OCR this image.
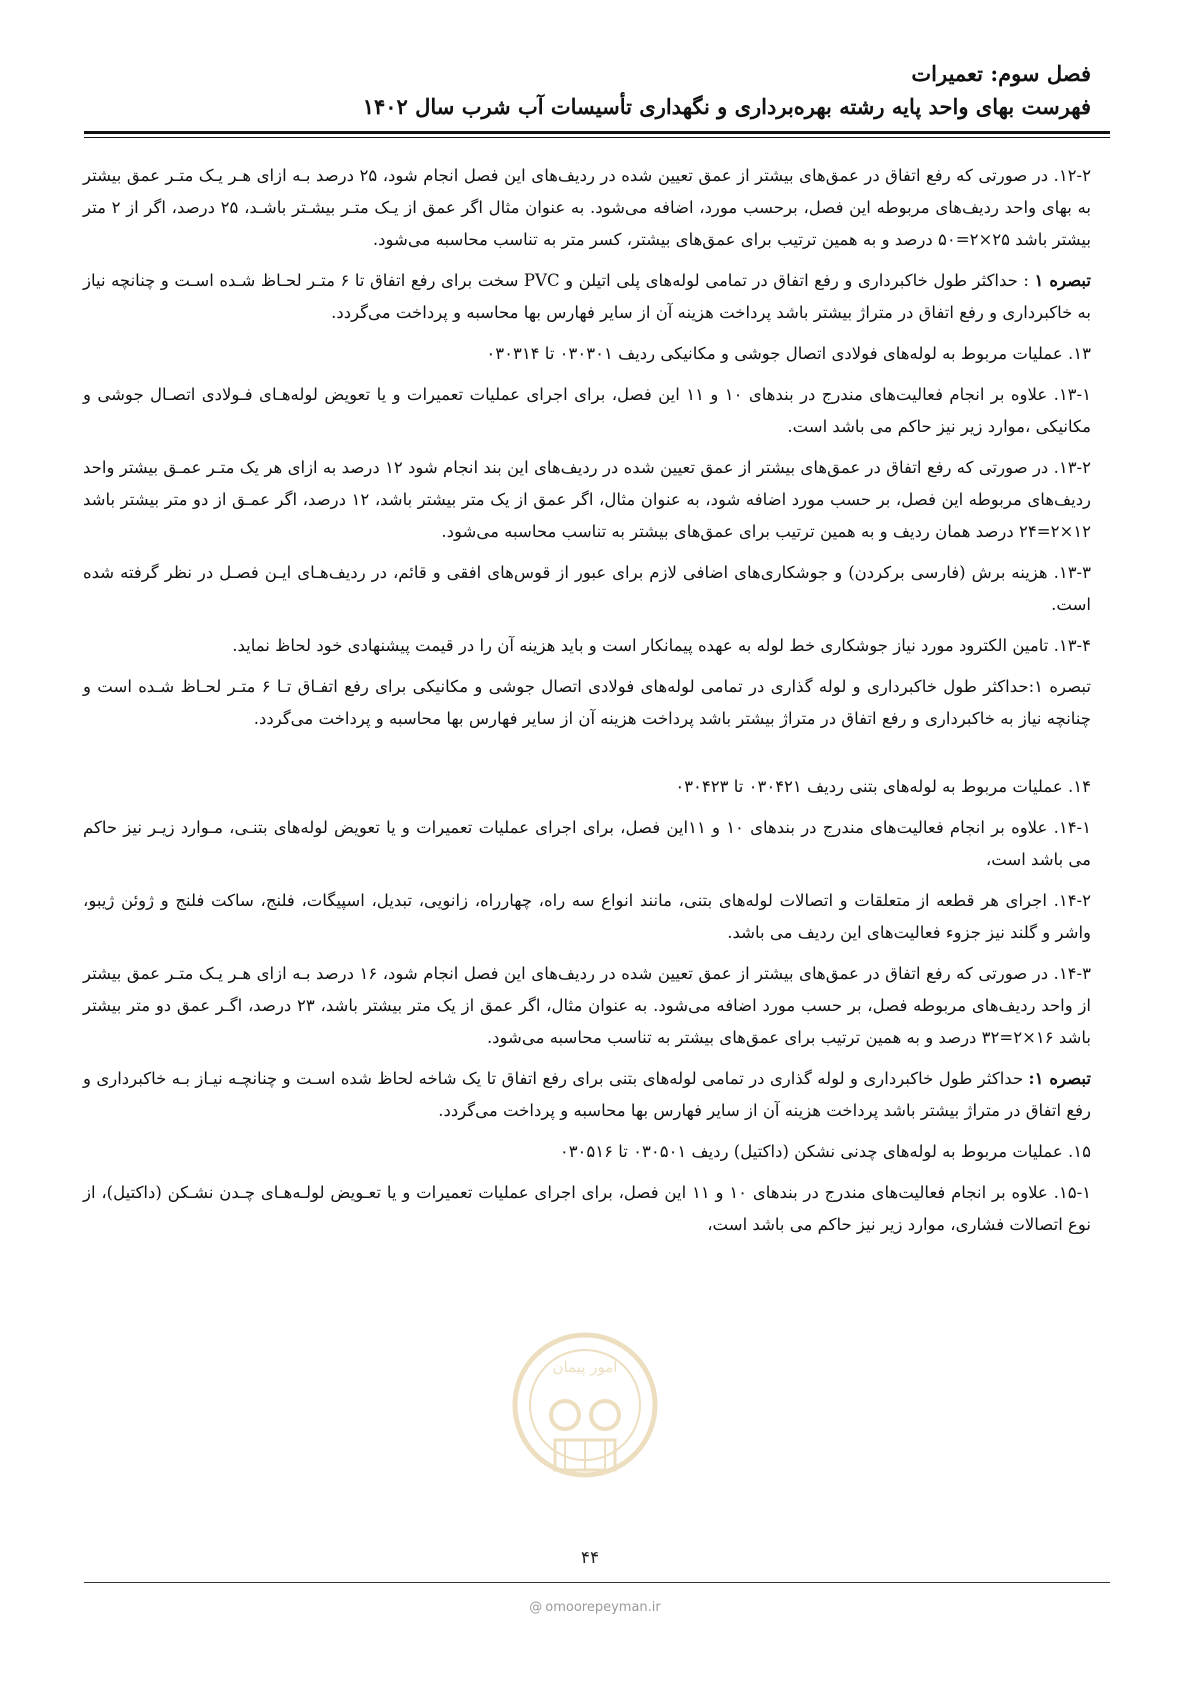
فصل سوم: تعمیرات
فهرست بهای واحد پایه رشته بهره‌برداری و نگهداری تأسیسات آب شرب سال ۱۴۰۲

۱۲-۲. در صورتی که رفع اتفاق در عمق‌های بیشتر از عمق تعیین شده در ردیف‌های این فصل انجام شود، ۲۵ درصد بـه ازای هـر یـک متـر عمق بیشتر به بهای واحد ردیف‌های مربوطه این فصل، برحسب مورد، اضافه می‌شود. به عنوان مثال اگر عمق از یـک متـر بیشـتر باشـد، ۲۵ درصد، اگر از ۲ متر بیشتر باشد ۲۵×۲=۵۰ درصد و به همین ترتیب برای عمق‌های بیشتر، کسر متر به تناسب محاسبه می‌شود.

تبصره ۱ : حداکثر طول خاکبرداری و رفع اتفاق در تمامی لوله‌های پلی اتیلن و PVC سخت برای رفع اتفاق تا ۶ متـر لحـاظ شـده اسـت و چنانچه نیاز به خاکبرداری و رفع اتفاق در متراژ بیشتر باشد پرداخت هزینه آن از سایر فهارس بها محاسبه و پرداخت می‌گردد.

۱۳. عملیات مربوط به لوله‌های فولادی اتصال جوشی و مکانیکی ردیف ۰۳۰۳۰۱ تا ۰۳۰۳۱۴

۱۳-۱. علاوه بر انجام فعالیت‌های مندرج در بندهای ۱۰ و ۱۱ این فصل، برای اجرای عملیات تعمیرات و یا تعویض لوله‌هـای فـولادی اتصـال جوشی و مکانیکی ،موارد زیر نیز حاکم می باشد است.

۱۳-۲. در صورتی که رفع اتفاق در عمق‌های بیشتر از عمق تعیین شده در ردیف‌های این بند انجام شود ۱۲ درصد به ازای هر یک متـر عمـق بیشتر واحد ردیف‌های مربوطه این فصل، بر حسب مورد اضافه شود، به عنوان مثال، اگر عمق از یک متر بیشتر باشد، ۱۲ درصد، اگر عمـق از دو متر بیشتر باشد ۱۲×۲=۲۴ درصد همان ردیف و به همین ترتیب برای عمق‌های بیشتر به تناسب محاسبه می‌شود.

۱۳-۳. هزینه برش (فارسی برکردن) و جوشکاری‌های اضافی لازم برای عبور از قوس‌های افقی و قائم، در ردیف‌هـای ایـن فصـل در نظر گرفته شده است.

۱۳-۴. تامین الکترود مورد نیاز جوشکاری خط لوله به عهده پیمانکار است و باید هزینه آن را در قیمت پیشنهادی خود لحاظ نماید.

تبصره ۱:حداکثر طول خاکبرداری و لوله گذاری در تمامی لوله‌های فولادی اتصال جوشی و مکانیکی برای رفع اتفـاق تـا ۶ متـر لحـاظ شـده است و چنانچه نیاز به خاکبرداری و رفع اتفاق در متراژ بیشتر باشد پرداخت هزینه آن از سایر فهارس بها محاسبه و پرداخت می‌گردد.

۱۴. عملیات مربوط به لوله‌های بتنی ردیف ۰۳۰۴۲۱ تا ۰۳۰۴۲۳

۱۴-۱. علاوه بر انجام فعالیت‌های مندرج در بندهای ۱۰ و ۱۱این فصل، برای اجرای عملیات تعمیرات و یا تعویض لوله‌های بتنـی، مـوارد زیـر نیز حاکم می باشد است،

۱۴-۲. اجرای هر قطعه از متعلقات و اتصالات لوله‌های بتنی، مانند انواع سه راه، چهارراه، زانویی، تبدیل، اسپیگات، فلنج، ساکت فلنج و ژوئن ژیبو، واشر و گلند نیز جزوء فعالیت‌های این ردیف می باشد.

۱۴-۳. در صورتی که رفع اتفاق در عمق‌های بیشتر از عمق تعیین شده در ردیف‌های این فصل انجام شود، ۱۶ درصد بـه ازای هـر یـک متـر عمق بیشتر از واحد ردیف‌های مربوطه فصل، بر حسب مورد اضافه می‌شود. به عنوان مثال، اگر عمق از یک متر بیشتر باشد، ۲۳ درصد، اگـر عمق دو متر بیشتر باشد ۱۶×۲=۳۲ درصد و به همین ترتیب برای عمق‌های بیشتر به تناسب محاسبه می‌شود.

تبصره ۱: حداکثر طول خاکبرداری و لوله گذاری در تمامی لوله‌های بتنی برای رفع اتفاق تا یک شاخه لحاظ شده اسـت و چنانچـه نیـاز بـه خاکبرداری و رفع اتفاق در متراژ بیشتر باشد پرداخت هزینه آن از سایر فهارس بها محاسبه و پرداخت می‌گردد.

۱۵. عملیات مربوط به لوله‌های چدنی نشکن (داکتیل) ردیف ۰۳۰۵۰۱ تا ۰۳۰۵۱۶

۱۵-۱. علاوه بر انجام فعالیت‌های مندرج در بندهای ۱۰ و ۱۱ این فصل، برای اجرای عملیات تعمیرات و یا تعـویض لولـه‌هـای چـدن نشـکن (داکتیل)، از نوع اتصالات فشاری، موارد زیر نیز حاکم می باشد است،

امور پیمان
۴۴
@ omoorepeyman.ir
